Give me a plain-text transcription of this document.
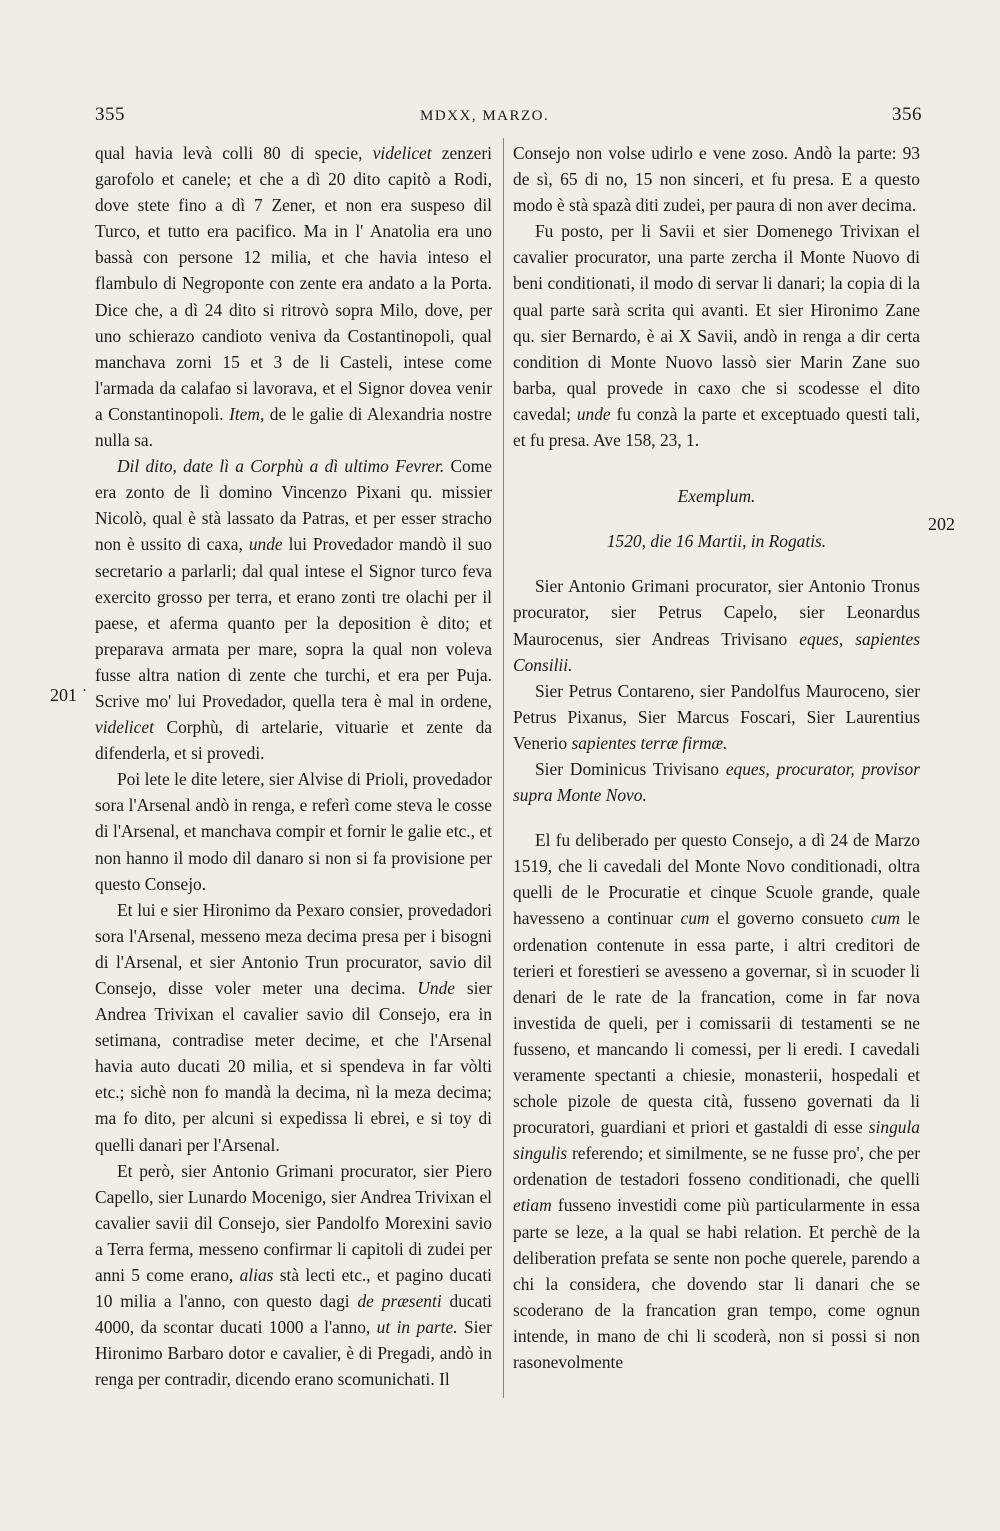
355	MDXX, MARZO.	356
201 ˙
202

qual havia levà colli 80 di specie, videlicet zenzeri garofolo et canele; et che a dì 20 dito capitò a Rodi, dove stete fino a dì 7 Zener, et non era suspeso dil Turco, et tutto era pacifico. Ma in l' Anatolia era uno bassà con persone 12 milia, et che havia inteso el flambulo di Negroponte con zente era andato a la Porta. Dice che, a dì 24 dito si ritrovò sopra Milo, dove, per uno schierazo candioto veniva da Costantinopoli, qual manchava zorni 15 et 3 de li Casteli, intese come l'armada da calafao si lavorava, et el Signor dovea venir a Constantinopoli. Item, de le galie di Alexandria nostre nulla sa.

Dil dito, date lì a Corphù a dì ultimo Fevrer. Come era zonto de lì domino Vincenzo Pixani qu. missier Nicolò, qual è stà lassato da Patras, et per esser stracho non è ussito di caxa, unde lui Provedador mandò il suo secretario a parlarli; dal qual intese el Signor turco feva exercito grosso per terra, et erano zonti tre olachi per il paese, et aferma quanto per la deposition è dito; et preparava armata per mare, sopra la qual non voleva fusse altra nation di zente che turchi, et era per Puja. Scrive mo' lui Provedador, quella tera è mal in ordene, videlicet Corphù, di artelarie, vituarie et zente da difenderla, et si provedi.

Poi lete le dite letere, sier Alvise di Prioli, provedador sora l'Arsenal andò in renga, e referì come steva le cosse di l'Arsenal, et manchava compir et fornir le galie etc., et non hanno il modo dil danaro si non si fa provisione per questo Consejo.

Et lui e sier Hironimo da Pexaro consier, provedadori sora l'Arsenal, messeno meza decima presa per i bisogni di l'Arsenal, et sier Antonio Trun procurator, savio dil Consejo, disse voler meter una decima. Unde sier Andrea Trivixan el cavalier savio dil Consejo, era in setimana, contradise meter decime, et che l'Arsenal havia auto ducati 20 milia, et si spendeva in far vòlti etc.; sichè non fo mandà la decima, nì la meza decima; ma fo dito, per alcuni si expedissa li ebrei, e si toy di quelli danari per l'Arsenal.

Et però, sier Antonio Grimani procurator, sier Piero Capello, sier Lunardo Mocenigo, sier Andrea Trivixan el cavalier savii dil Consejo, sier Pandolfo Morexini savio a Terra ferma, messeno confirmar li capitoli di zudei per anni 5 come erano, alias stà lecti etc., et pagino ducati 10 milia a l'anno, con questo dagi de præsenti ducati 4000, da scontar ducati 1000 a l'anno, ut in parte. Sier Hironimo Barbaro dotor e cavalier, è di Pregadi, andò in renga per contradir, dicendo erano scomunichati. Il

Consejo non volse udirlo e vene zoso. Andò la parte: 93 de sì, 65 di no, 15 non sinceri, et fu presa. E a questo modo è stà spazà diti zudei, per paura di non aver decima.

Fu posto, per li Savii et sier Domenego Trivixan el cavalier procurator, una parte zercha il Monte Nuovo di beni conditionati, il modo di servar li danari; la copia di la qual parte sarà scrita qui avanti. Et sier Hironimo Zane qu. sier Bernardo, è ai X Savii, andò in renga a dir certa condition di Monte Nuovo lassò sier Marin Zane suo barba, qual provede in caxo che si scodesse el dito cavedal; unde fu conzà la parte et exceptuado questi tali, et fu presa. Ave 158, 23, 1.

Exemplum.

1520, die 16 Martii, in Rogatis.

Sier Antonio Grimani procurator, sier Antonio Tronus procurator, sier Petrus Capelo, sier Leonardus Maurocenus, sier Andreas Trivisano eques, sapientes Consilii.

Sier Petrus Contareno, sier Pandolfus Mauroceno, sier Petrus Pixanus, Sier Marcus Foscari, Sier Laurentius Venerio sapientes terræ firmæ.

Sier Dominicus Trivisano eques, procurator, provisor supra Monte Novo.

El fu deliberado per questo Consejo, a dì 24 de Marzo 1519, che li cavedali del Monte Novo conditionadi, oltra quelli de le Procuratie et cinque Scuole grande, quale havesseno a continuar cum el governo consueto cum le ordenation contenute in essa parte, i altri creditori de terieri et forestieri se avesseno a governar, sì in scuoder li denari de le rate de la francation, come in far nova investida de queli, per i comissarii di testamenti se ne fusseno, et mancando li comessi, per li eredi. I cavedali veramente spectanti a chiesie, monasterii, hospedali et schole pizole de questa cità, fusseno governati da li procuratori, guardiani et priori et gastaldi di esse singula singulis referendo; et similmente, se ne fusse pro', che per ordenation de testadori fosseno conditionadi, che quelli etiam fusseno investidi come più particularmente in essa parte se leze, a la qual se habi relation. Et perchè de la deliberation prefata se sente non poche querele, parendo a chi la considera, che dovendo star li danari che se scoderano de la francation gran tempo, come ognun intende, in mano de chi li scoderà, non si possi si non rasonevolmente
